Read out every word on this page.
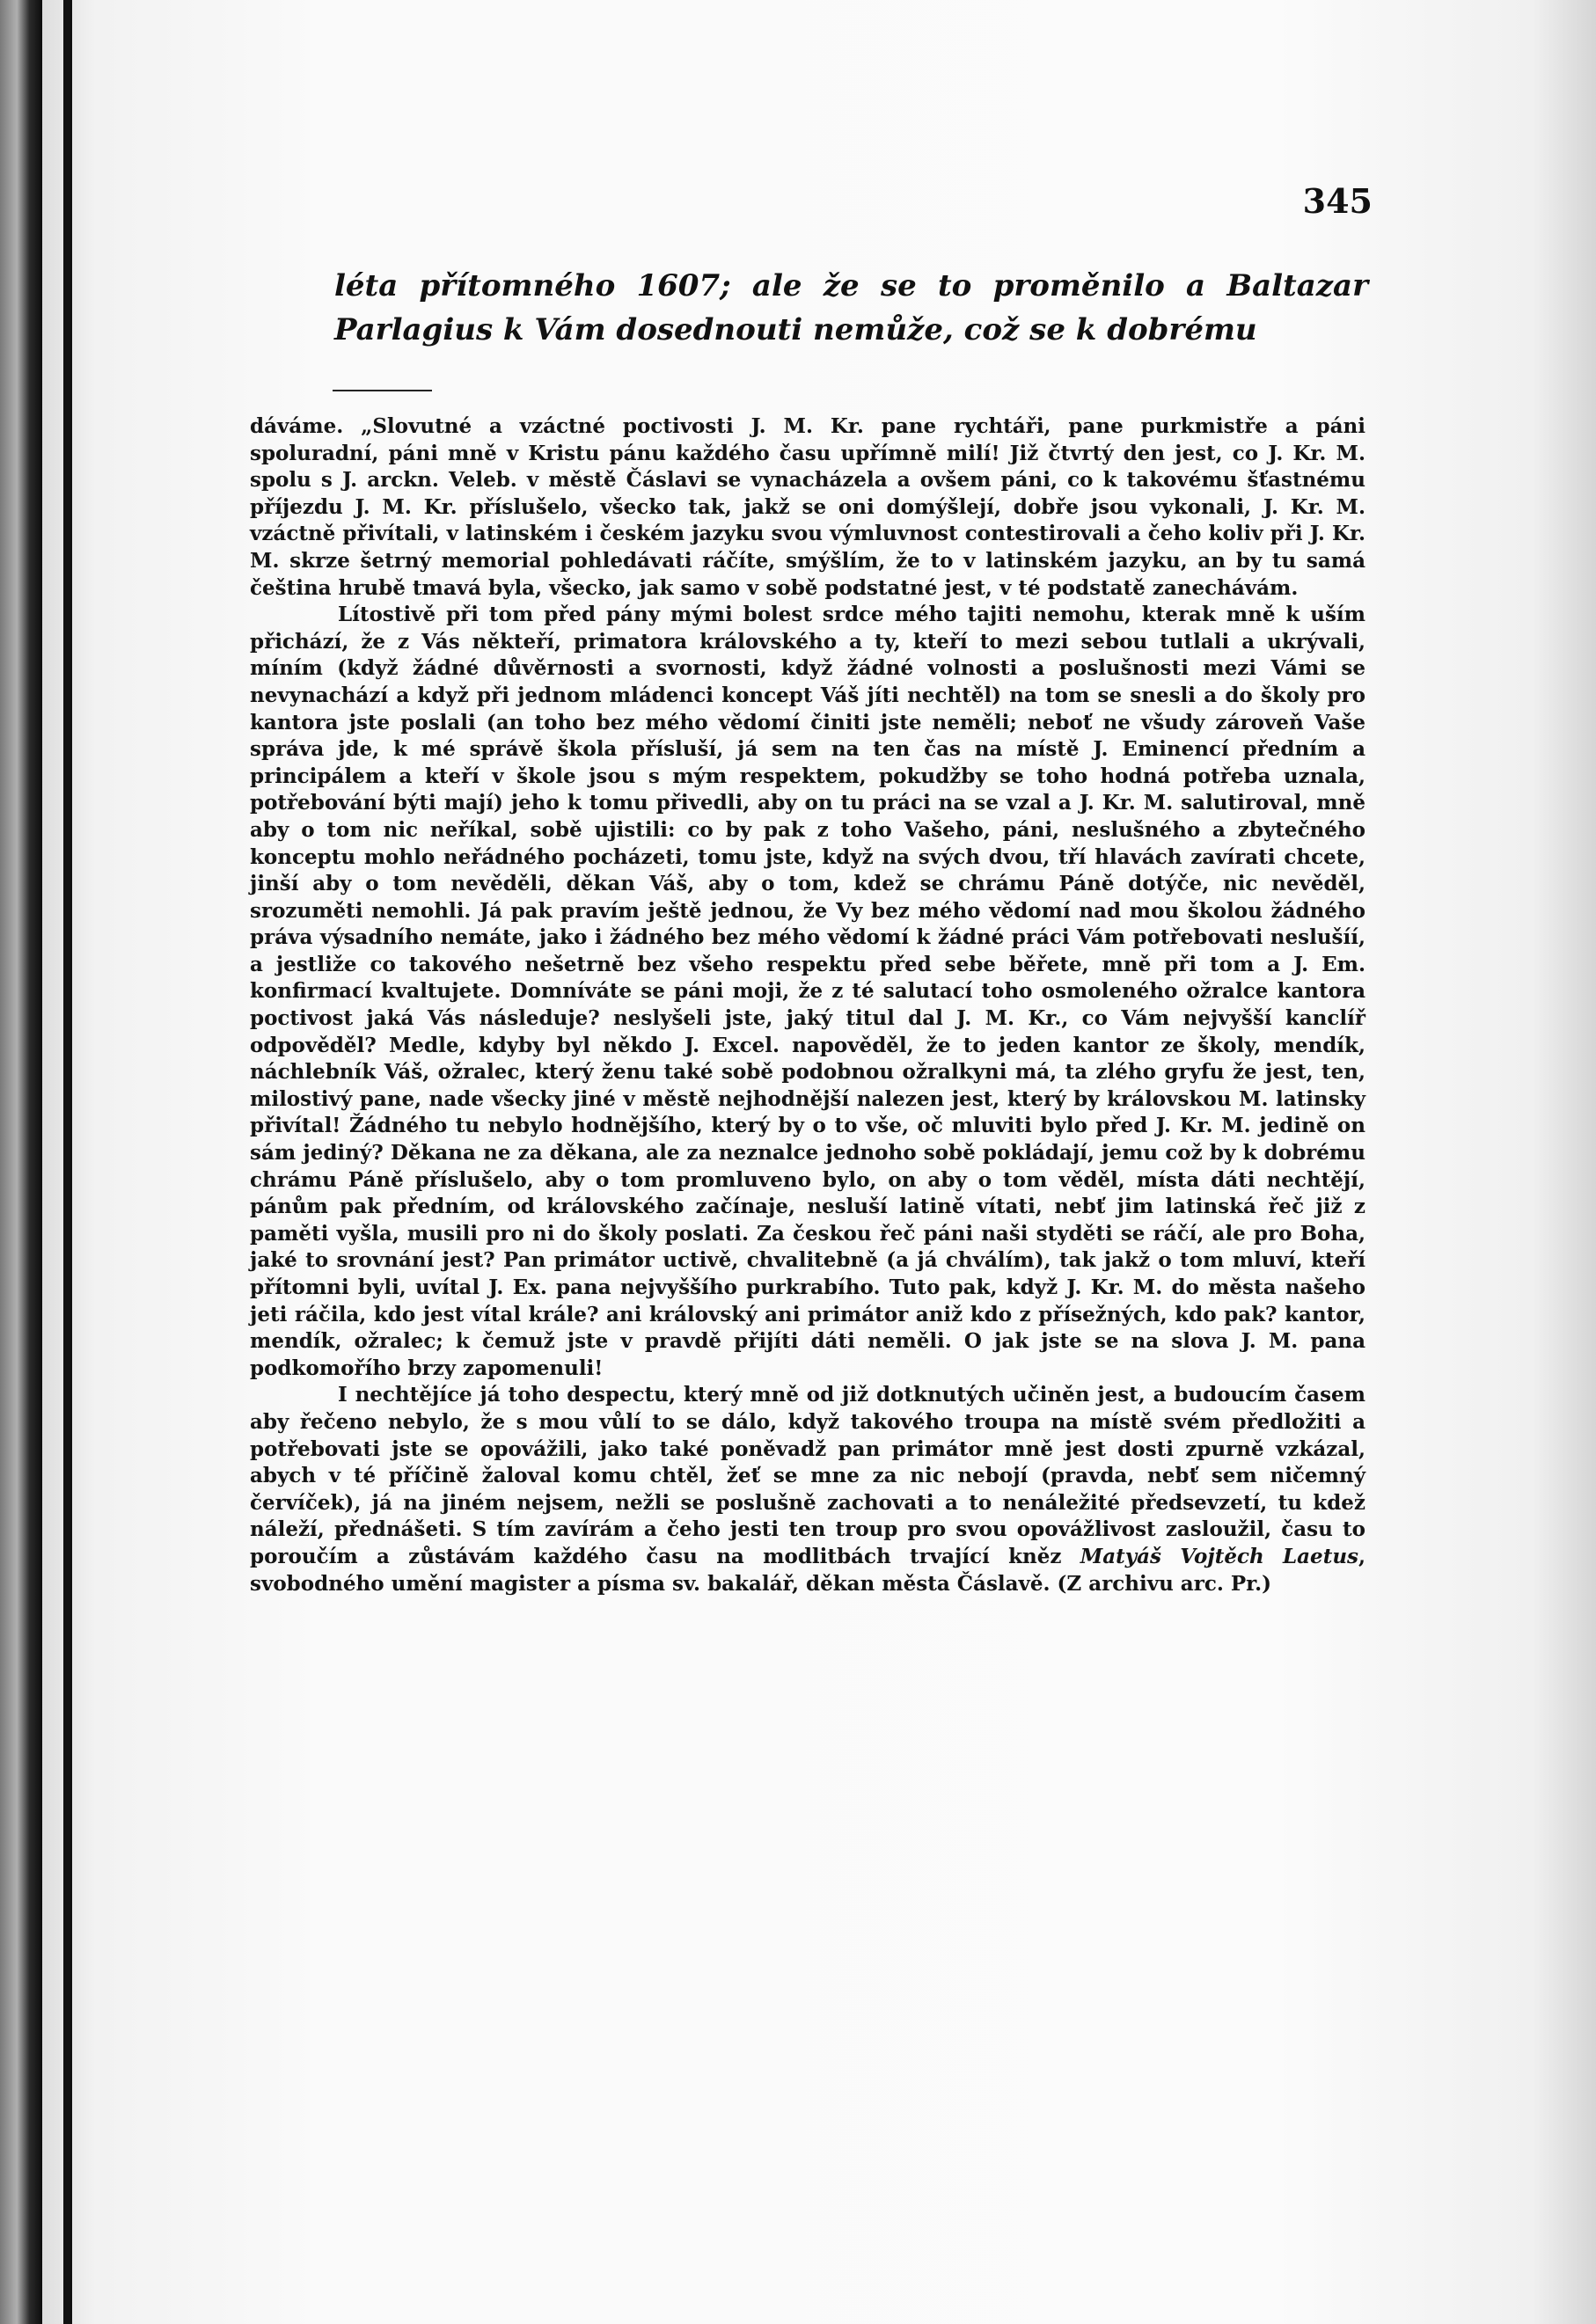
345
léta přítomného 1607; ale že se to proměnilo a Baltazar Parlagius k Vám dosednouti nemůže, což se k dobrému

dáváme. „Slovutné a vzáctné poctivosti J. M. Kr. pane rychtáři, pane purkmistře a páni spoluradní, páni mně v Kristu pánu každého času upřímně milí! Již čtvrtý den jest, co J. Kr. M. spolu s J. arckn. Veleb. v městě Čáslavi se vynacházela a ovšem páni, co k takovému šťastnému příjezdu J. M. Kr. příslušelo, všecko tak, jakž se oni domýšlejí, dobře jsou vykonali, J. Kr. M. vzáctně přivítali, v latinském i českém jazyku svou výmluvnost contestirovali a čeho koliv při J. Kr. M. skrze šetrný memorial pohledávati ráčíte, smýšlím, že to v latinském jazyku, an by tu samá čeština hrubě tmavá byla, všecko, jak samo v sobě podstatné jest, v té podstatě zanechávám.

Lítostivě při tom před pány mými bolest srdce mého tajiti nemohu, kterak mně k uším přichází, že z Vás někteří, primatora královského a ty, kteří to mezi sebou tutlali a ukrývali, míním (když žádné důvěrnosti a svornosti, když žádné volnosti a poslušnosti mezi Vámi se nevynachází a když při jednom mládenci koncept Váš jíti nechtěl) na tom se snesli a do školy pro kantora jste poslali (an toho bez mého vědomí činiti jste neměli; neboť ne všudy zároveň Vaše správa jde, k mé správě škola přísluší, já sem na ten čas na místě J. Eminencí předním a principálem a kteří v škole jsou s mým respektem, pokudžby se toho hodná potřeba uznala, potřebování býti mají) jeho k tomu přivedli, aby on tu práci na se vzal a J. Kr. M. salutiroval, mně aby o tom nic neříkal, sobě ujistili: co by pak z toho Vašeho, páni, neslušného a zbytečného konceptu mohlo neřádného pocházeti, tomu jste, když na svých dvou, tří hlavách zavírati chcete, jinší aby o tom nevěděli, děkan Váš, aby o tom, kdež se chrámu Páně dotýče, nic nevěděl, srozuměti nemohli. Já pak pravím ještě jednou, že Vy bez mého vědomí nad mou školou žádného práva výsadního nemáte, jako i žádného bez mého vědomí k žádné práci Vám potřebovati neslušíí, a jestliže co takového nešetrně bez všeho respektu před sebe běřete, mně při tom a J. Em. konfirmací kvaltujete. Domníváte se páni moji, že z té salutací toho osmoleného ožralce kantora poctivost jaká Vás následuje? neslyšeli jste, jaký titul dal J. M. Kr., co Vám nejvyšší kanclíř odpověděl? Medle, kdyby byl někdo J. Excel. napověděl, že to jeden kantor ze školy, mendík, náchlebník Váš, ožralec, který ženu také sobě podobnou ožralkyni má, ta zlého gryfu že jest, ten, milostivý pane, nade všecky jiné v městě nejhodnější nalezen jest, který by královskou M. latinsky přivítal! Žádného tu nebylo hodnějšího, který by o to vše, oč mluviti bylo před J. Kr. M. jedině on sám jediný? Děkana ne za děkana, ale za neznalce jednoho sobě pokládají, jemu což by k dobrému chrámu Páně příslušelo, aby o tom promluveno bylo, on aby o tom věděl, místa dáti nechtějí, pánům pak předním, od královského začínaje, nesluší latině vítati, nebť jim latinská řeč již z paměti vyšla, musili pro ni do školy poslati. Za českou řeč páni naši styděti se ráčí, ale pro Boha, jaké to srovnání jest? Pan primátor uctivě, chvalitebně (a já chválím), tak jakž o tom mluví, kteří přítomni byli, uvítal J. Ex. pana nejvyššího purkrabího. Tuto pak, když J. Kr. M. do města našeho jeti ráčila, kdo jest vítal krále? ani královský ani primátor aniž kdo z přísežných, kdo pak? kantor, mendík, ožralec; k čemuž jste v pravdě přijíti dáti neměli. O jak jste se na slova J. M. pana podkomořího brzy zapomenuli!

I nechtějíce já toho despectu, který mně od již dotknutých učiněn jest, a budoucím časem aby řečeno nebylo, že s mou vůlí to se dálo, když takového troupa na místě svém předložiti a potřebovati jste se opovážili, jako také poněvadž pan primátor mně jest dosti zpurně vzkázal, abych v té příčině žaloval komu chtěl, žeť se mne za nic nebojí (pravda, nebť sem ničemný červíček), já na jiném nejsem, nežli se poslušně zachovati a to nenáležité předsevzetí, tu kdež náleží, přednášeti. S tím zavírám a čeho jesti ten troup pro svou opovážlivost zasloužil, času to poroučím a zůstávám každého času na modlitbách trvající kněz Matyáš Vojtěch Laetus, svobodného umění magister a písma sv. bakalář, děkan města Čáslavě. (Z archivu arc. Pr.)
